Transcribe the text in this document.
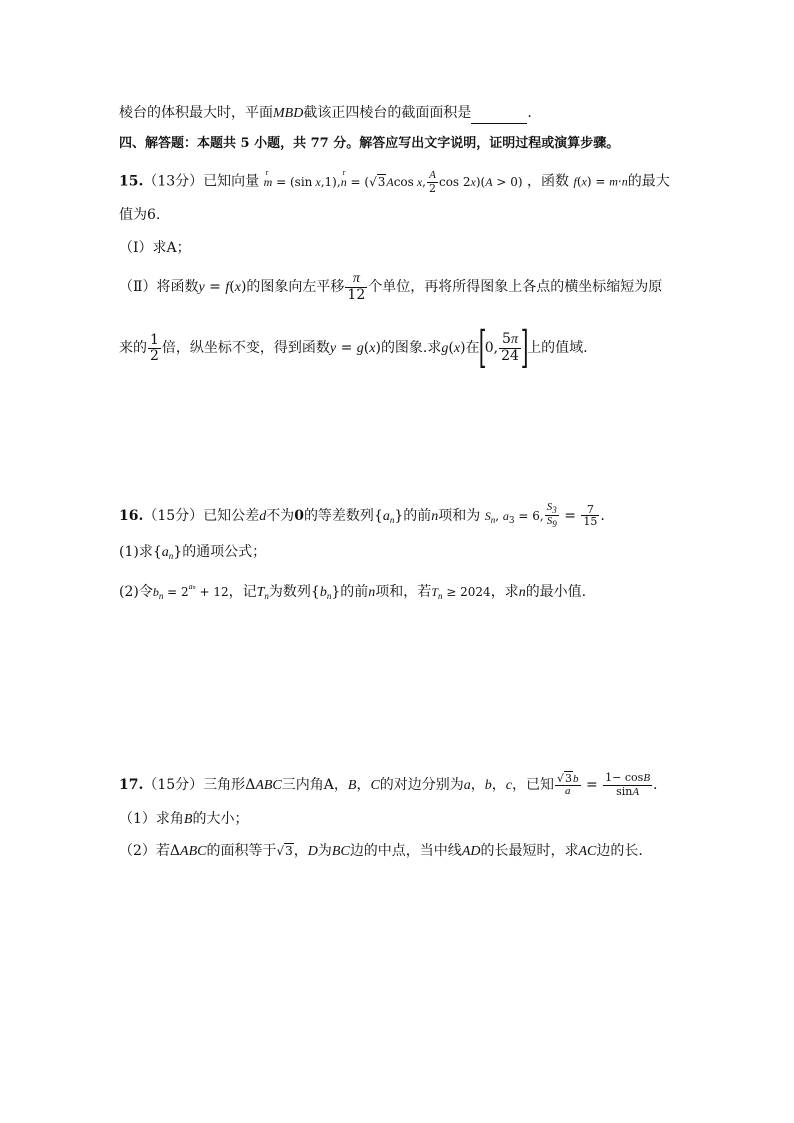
棱台的体积最大时，平面MBD截该正四棱台的截面面积是	.
四、解答题：本题共 5 小题，共 77 分。解答应写出文字说明，证明过程或演算步骤。
15.（13分）已知向量 m
r
= (sin x,1),n
r
= (√3Acos x, $\frac{A}{2}$ cos 2x)(A > 0) ，函数 f(x) = m·n的最大
值为6.
（Ⅰ）求A；
（Ⅱ）将函数y = f(x)的图象向左平移 $\frac{\pi}{12}$ 个单位，再将所得图象上各点的横坐标缩短为原
来的 $\frac{1}{2}$ 倍，纵坐标不变，得到函数y = g(x)的图象.求g(x)在[0, $\frac{5\pi}{24}$ ]上的值域.
16.（15分）已知公差d不为0的等差数列$\{a_n\}$的前n项和为 $S_n$, $a_3 = 6$, $\frac{S_3}{S_9} = \frac{7}{15}$ .
(1)求$\{a_n\}$的通项公式；
(2)令$b_n = 2^{an} + 12$，记$T_n$为数列$\{b_n\}$的前n项和，若$T_n \ge 2024$，求n的最小值.
17.（15分）三角形ΔABC三内角A，B，C的对边分别为a，b，c，已知 $\frac{√3b}{a} = \frac{1- \cos B}{\sin A}$ .
（1）求角B的大小；
（2）若ΔABC的面积等于√3，D为BC边的中点，当中线AD的长最短时，求AC边的长.
